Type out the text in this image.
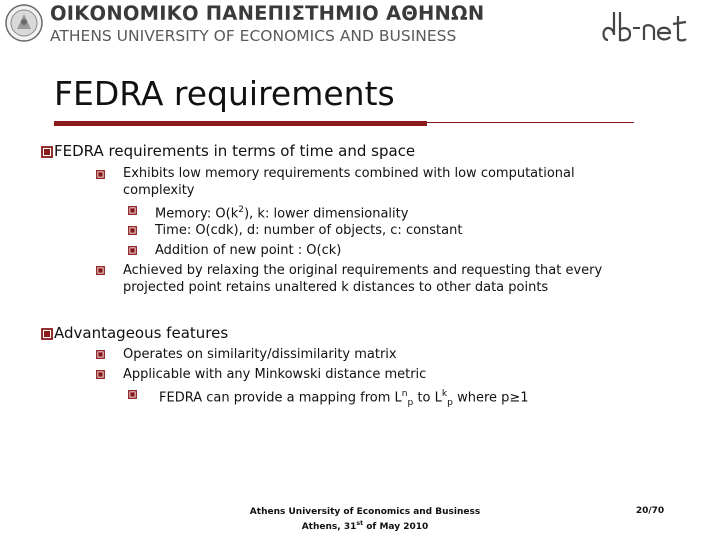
ΟΙΚΟΝΟΜΙΚΟ ΠΑΝΕΠΙΣΤΗΜΙΟ ΑΘΗΝΩΝ
ATHENS UNIVERSITY OF ECONOMICS AND BUSINESS
FEDRA requirements
FEDRA requirements in terms of time and space
Exhibits low memory requirements combined with low computational
complexity
Memory: $O(k^2)$, k: lower dimensionality
Time: O(cdk), d: number of objects, c: constant
Addition of new point : O(ck)
Achieved by relaxing the original requirements and requesting that every
projected point retains unaltered k distances to other data points
Advantageous features
Operates on similarity/dissimilarity matrix
Applicable with any Minkowski distance metric
FEDRA can provide a mapping from $L^n_p$ to $L^k_p$ where p≥1
Athens University of Economics and Business
Athens, 31st of May 2010
20/70
